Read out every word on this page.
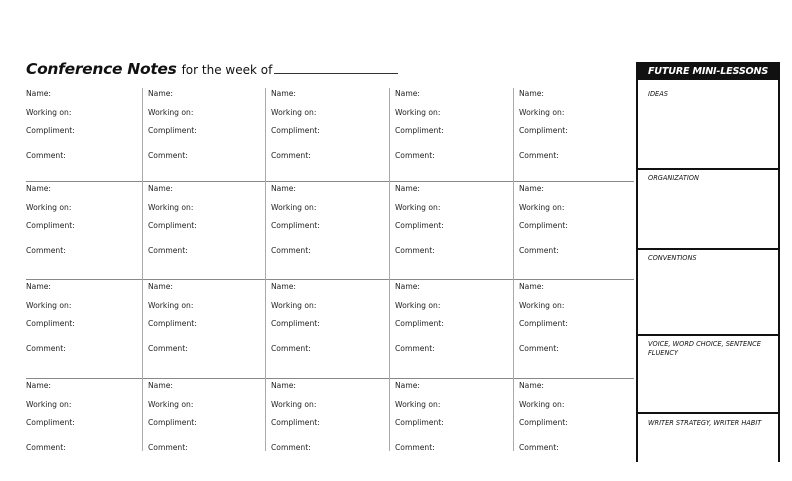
Conference Notes for the week of
Name:
Working on:
Compliment:
Comment:
Name:
Working on:
Compliment:
Comment:
Name:
Working on:
Compliment:
Comment:
Name:
Working on:
Compliment:
Comment:
Name:
Working on:
Compliment:
Comment:
Name:
Working on:
Compliment:
Comment:
Name:
Working on:
Compliment:
Comment:
Name:
Working on:
Compliment:
Comment:
Name:
Working on:
Compliment:
Comment:
Name:
Working on:
Compliment:
Comment:
Name:
Working on:
Compliment:
Comment:
Name:
Working on:
Compliment:
Comment:
Name:
Working on:
Compliment:
Comment:
Name:
Working on:
Compliment:
Comment:
Name:
Working on:
Compliment:
Comment:
Name:
Working on:
Compliment:
Comment:
Name:
Working on:
Compliment:
Comment:
Name:
Working on:
Compliment:
Comment:
Name:
Working on:
Compliment:
Comment:
Name:
Working on:
Compliment:
Comment:
FUTURE MINI-LESSONS
IDEAS
ORGANIZATION
CONVENTIONS
VOICE, WORD CHOICE, SENTENCE FLUENCY
WRITER STRATEGY, WRITER HABIT
